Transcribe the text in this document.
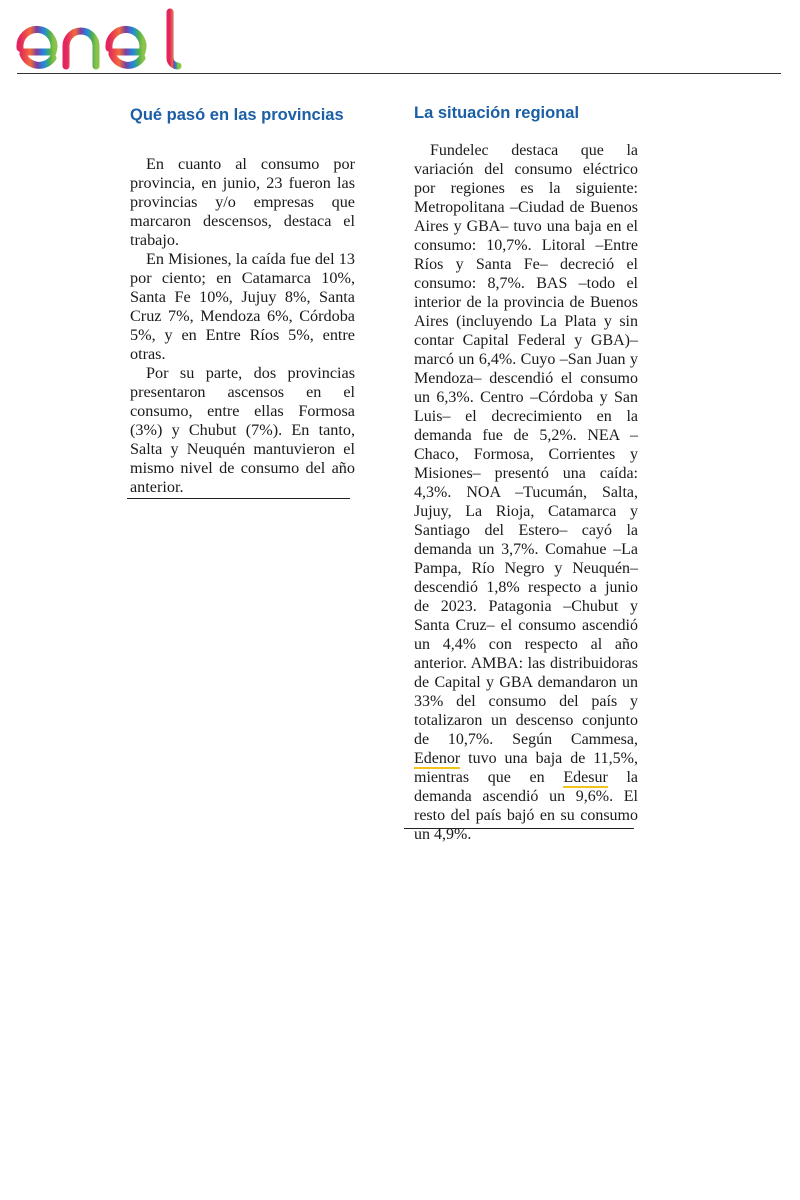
Qué pasó en las provincias

En cuanto al consumo por provincia, en junio, 23 fueron las provincias y/o empresas que marcaron descensos, destaca el trabajo.

En Misiones, la caída fue del 13 por ciento; en Catamarca 10%, Santa Fe 10%, Jujuy 8%, Santa Cruz 7%, Mendoza 6%, Córdoba 5%, y en Entre Ríos 5%, entre otras.

Por su parte, dos provincias presentaron ascensos en el consumo, entre ellas Formosa (3%) y Chubut (7%). En tanto, Salta y Neuquén mantuvieron el mismo nivel de consumo del año anterior.

La situación regional

Fundelec destaca que la variación del consumo eléctrico por regiones es la siguiente: Metropolitana –Ciudad de Buenos Aires y GBA– tuvo una baja en el consumo: 10,7%. Litoral –Entre Ríos y Santa Fe– decreció el consumo: 8,7%. BAS –todo el interior de la provincia de Buenos Aires (incluyendo La Plata y sin contar Capital Federal y GBA)– marcó un 6,4%. Cuyo –San Juan y Mendoza– descendió el consumo un 6,3%. Centro –Córdoba y San Luis– el decrecimiento en la demanda fue de 5,2%. NEA –Chaco, Formosa, Corrientes y Misiones– presentó una caída: 4,3%. NOA –Tucumán, Salta, Jujuy, La Rioja, Catamarca y Santiago del Estero– cayó la demanda un 3,7%. Comahue –La Pampa, Río Negro y Neuquén– descendió 1,8% respecto a junio de 2023. Patagonia –Chubut y Santa Cruz– el consumo ascendió un 4,4% con respecto al año anterior. AMBA: las distribuidoras de Capital y GBA demandaron un 33% del consumo del país y totalizaron un descenso conjunto de 10,7%. Según Cammesa, Edenor tuvo una baja de 11,5%, mientras que en Edesur la demanda ascendió un 9,6%. El resto del país bajó en su consumo un 4,9%.
